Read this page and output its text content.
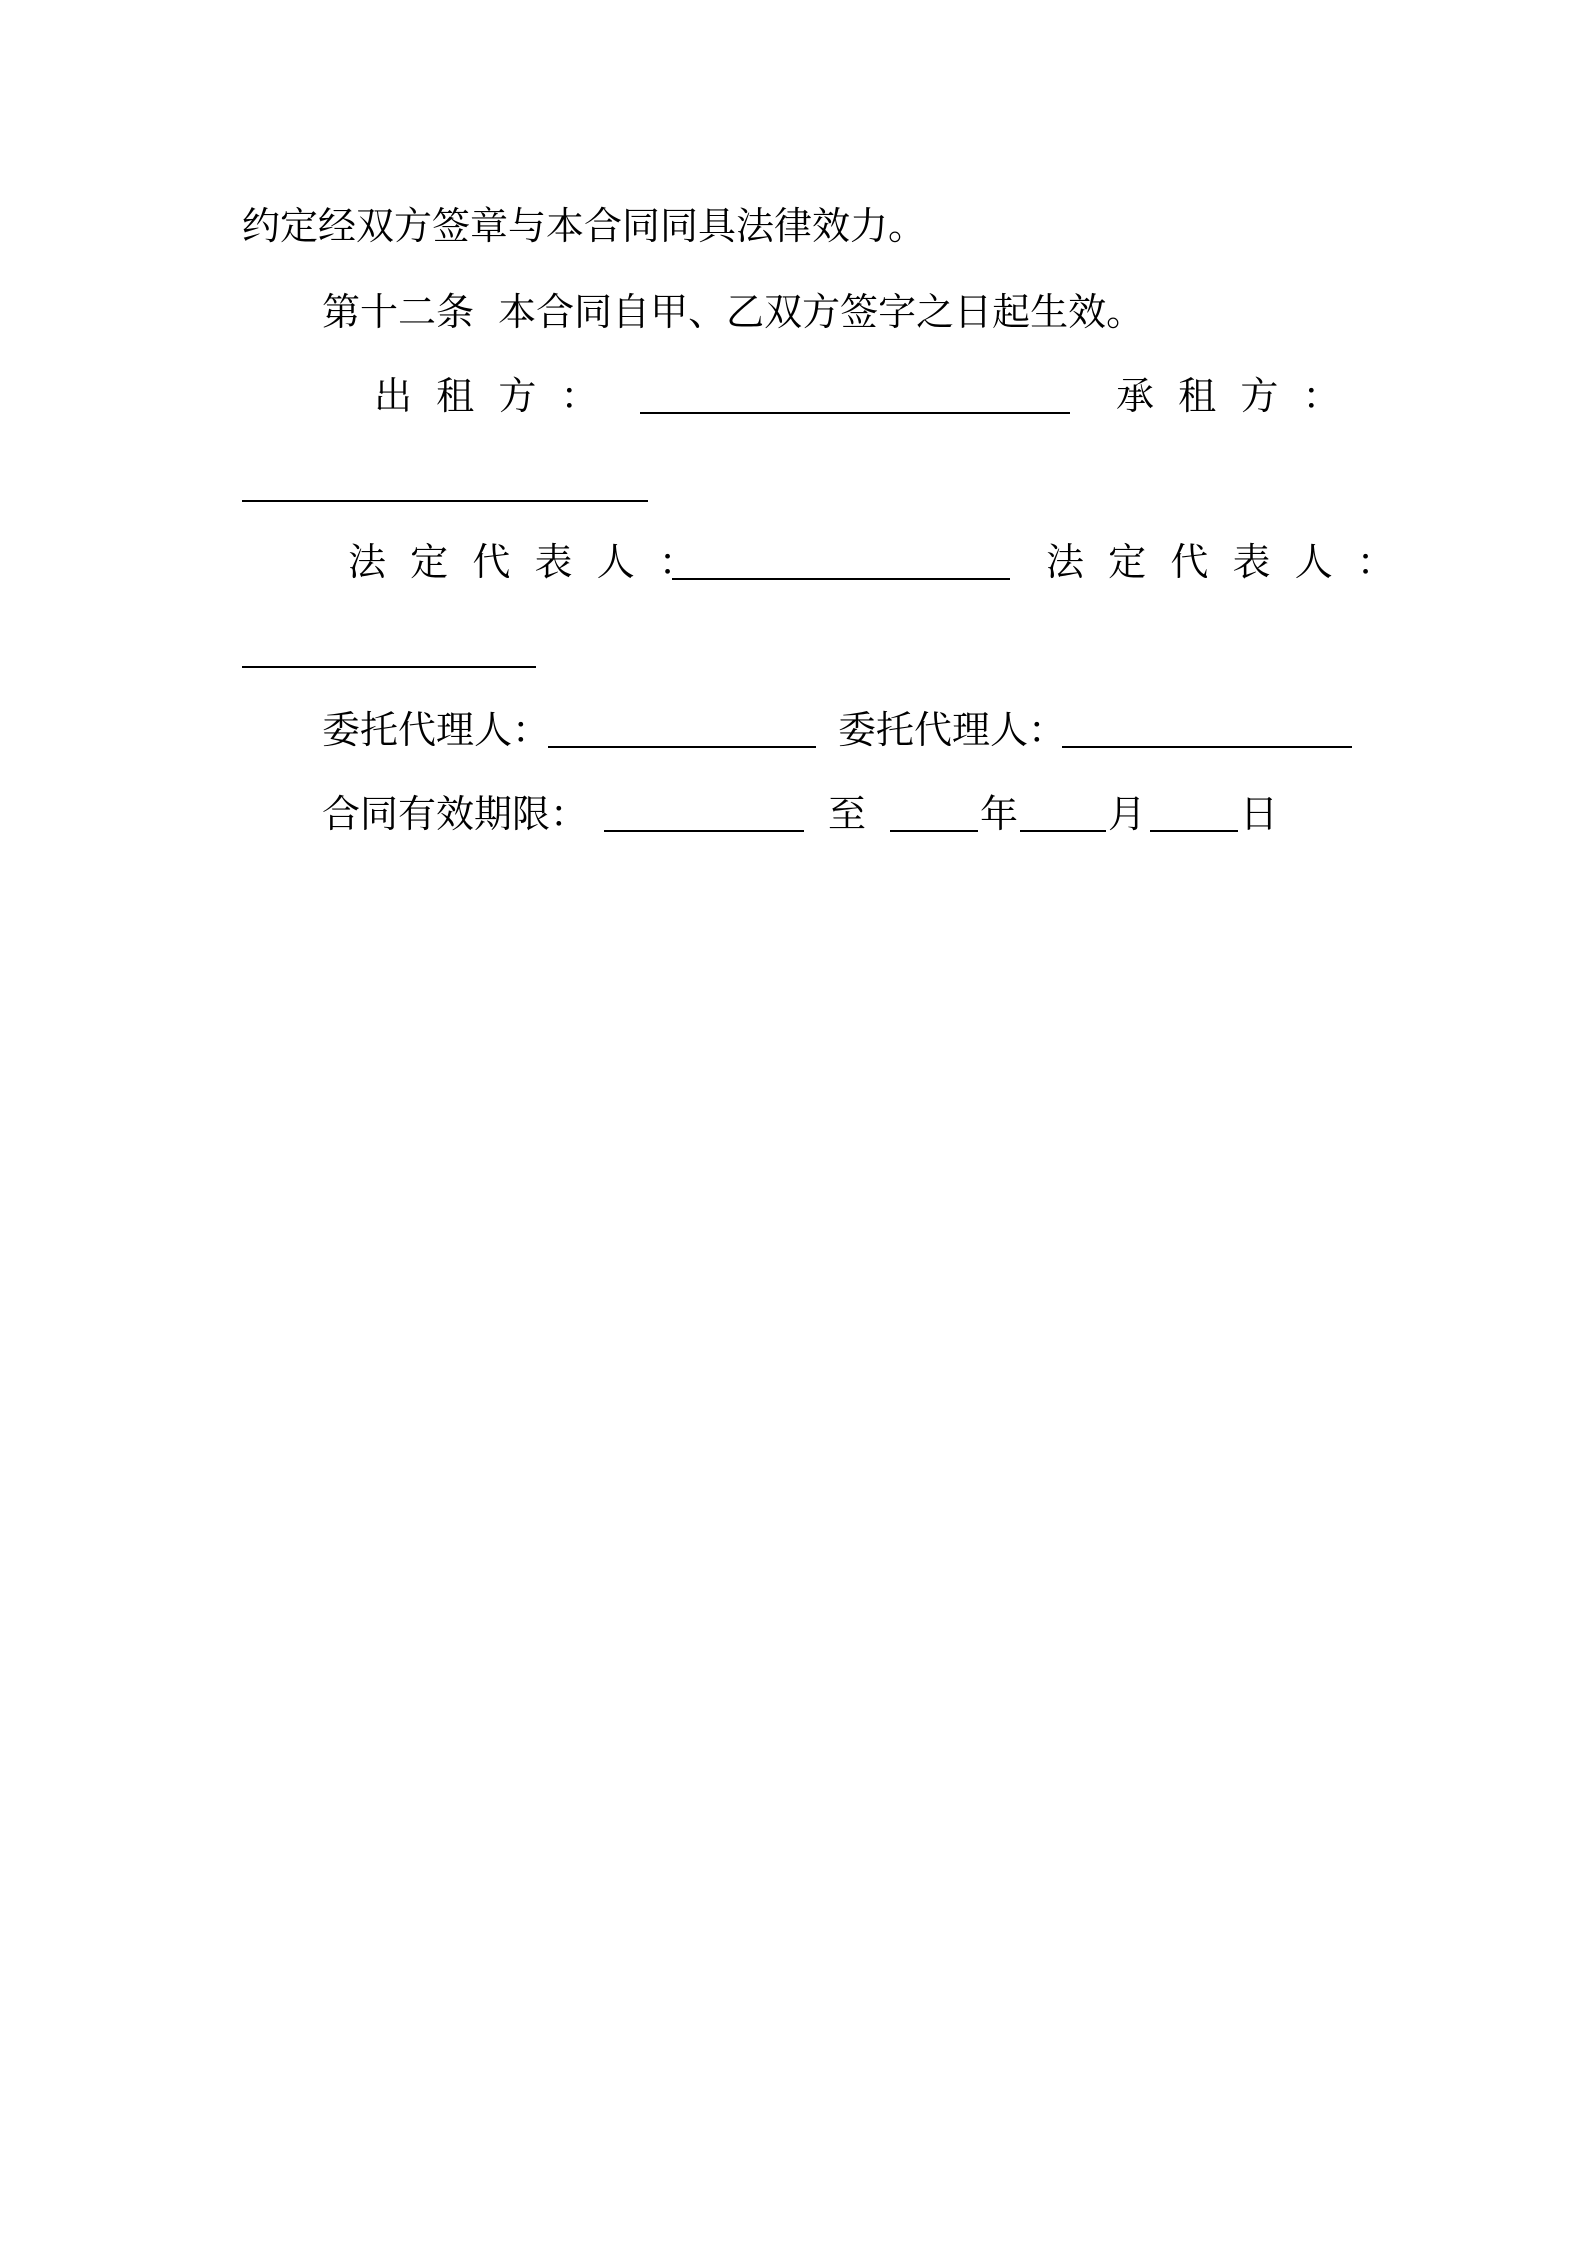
约定经双方签章与本合同同具法律效力。
第十二条  本合同自甲、乙双方签字之日起生效。
出  租  方  ：	承  租  方  ：
法  定  代  表  人  ：	法  定  代  表  人  ：
委托代理人：	委托代理人：
合同有效期限：	至	年 月 日
